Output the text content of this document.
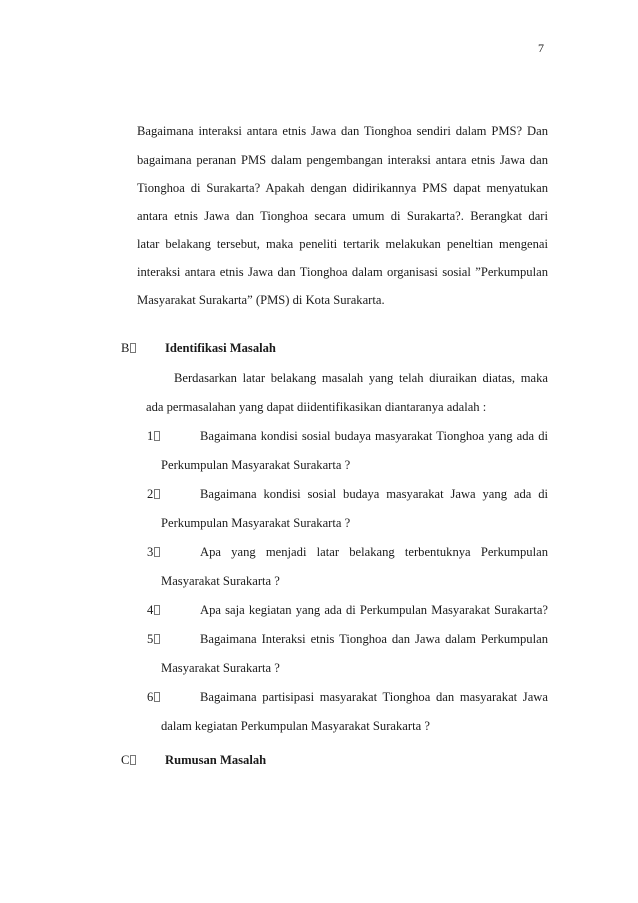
7
Bagaimana interaksi antara etnis Jawa dan Tionghoa sendiri dalam PMS? Dan
bagaimana peranan PMS dalam pengembangan interaksi antara etnis Jawa dan
Tionghoa di Surakarta? Apakah dengan didirikannya PMS dapat menyatukan
antara etnis Jawa dan Tionghoa secara umum di Surakarta?. Berangkat dari
latar belakang tersebut, maka peneliti tertarik melakukan peneltian mengenai
interaksi antara etnis Jawa dan Tionghoa dalam organisasi sosial ”Perkumpulan
Masyarakat Surakarta” (PMS) di Kota Surakarta.
B	Identifikasi Masalah
Berdasarkan latar belakang masalah yang telah diuraikan diatas, maka
ada permasalahan yang dapat diidentifikasikan diantaranya adalah :
1	Bagaimana kondisi sosial budaya masyarakat Tionghoa yang ada di
Perkumpulan Masyarakat Surakarta ?
2	Bagaimana kondisi sosial budaya masyarakat Jawa yang ada di
Perkumpulan Masyarakat Surakarta ?
3	Apa yang menjadi latar belakang terbentuknya Perkumpulan
Masyarakat Surakarta ?
4	Apa saja kegiatan yang ada di Perkumpulan Masyarakat Surakarta?
5	Bagaimana Interaksi etnis Tionghoa dan Jawa dalam Perkumpulan
Masyarakat Surakarta ?
6	Bagaimana partisipasi masyarakat Tionghoa dan masyarakat Jawa
dalam kegiatan Perkumpulan Masyarakat Surakarta ?
C	Rumusan Masalah
